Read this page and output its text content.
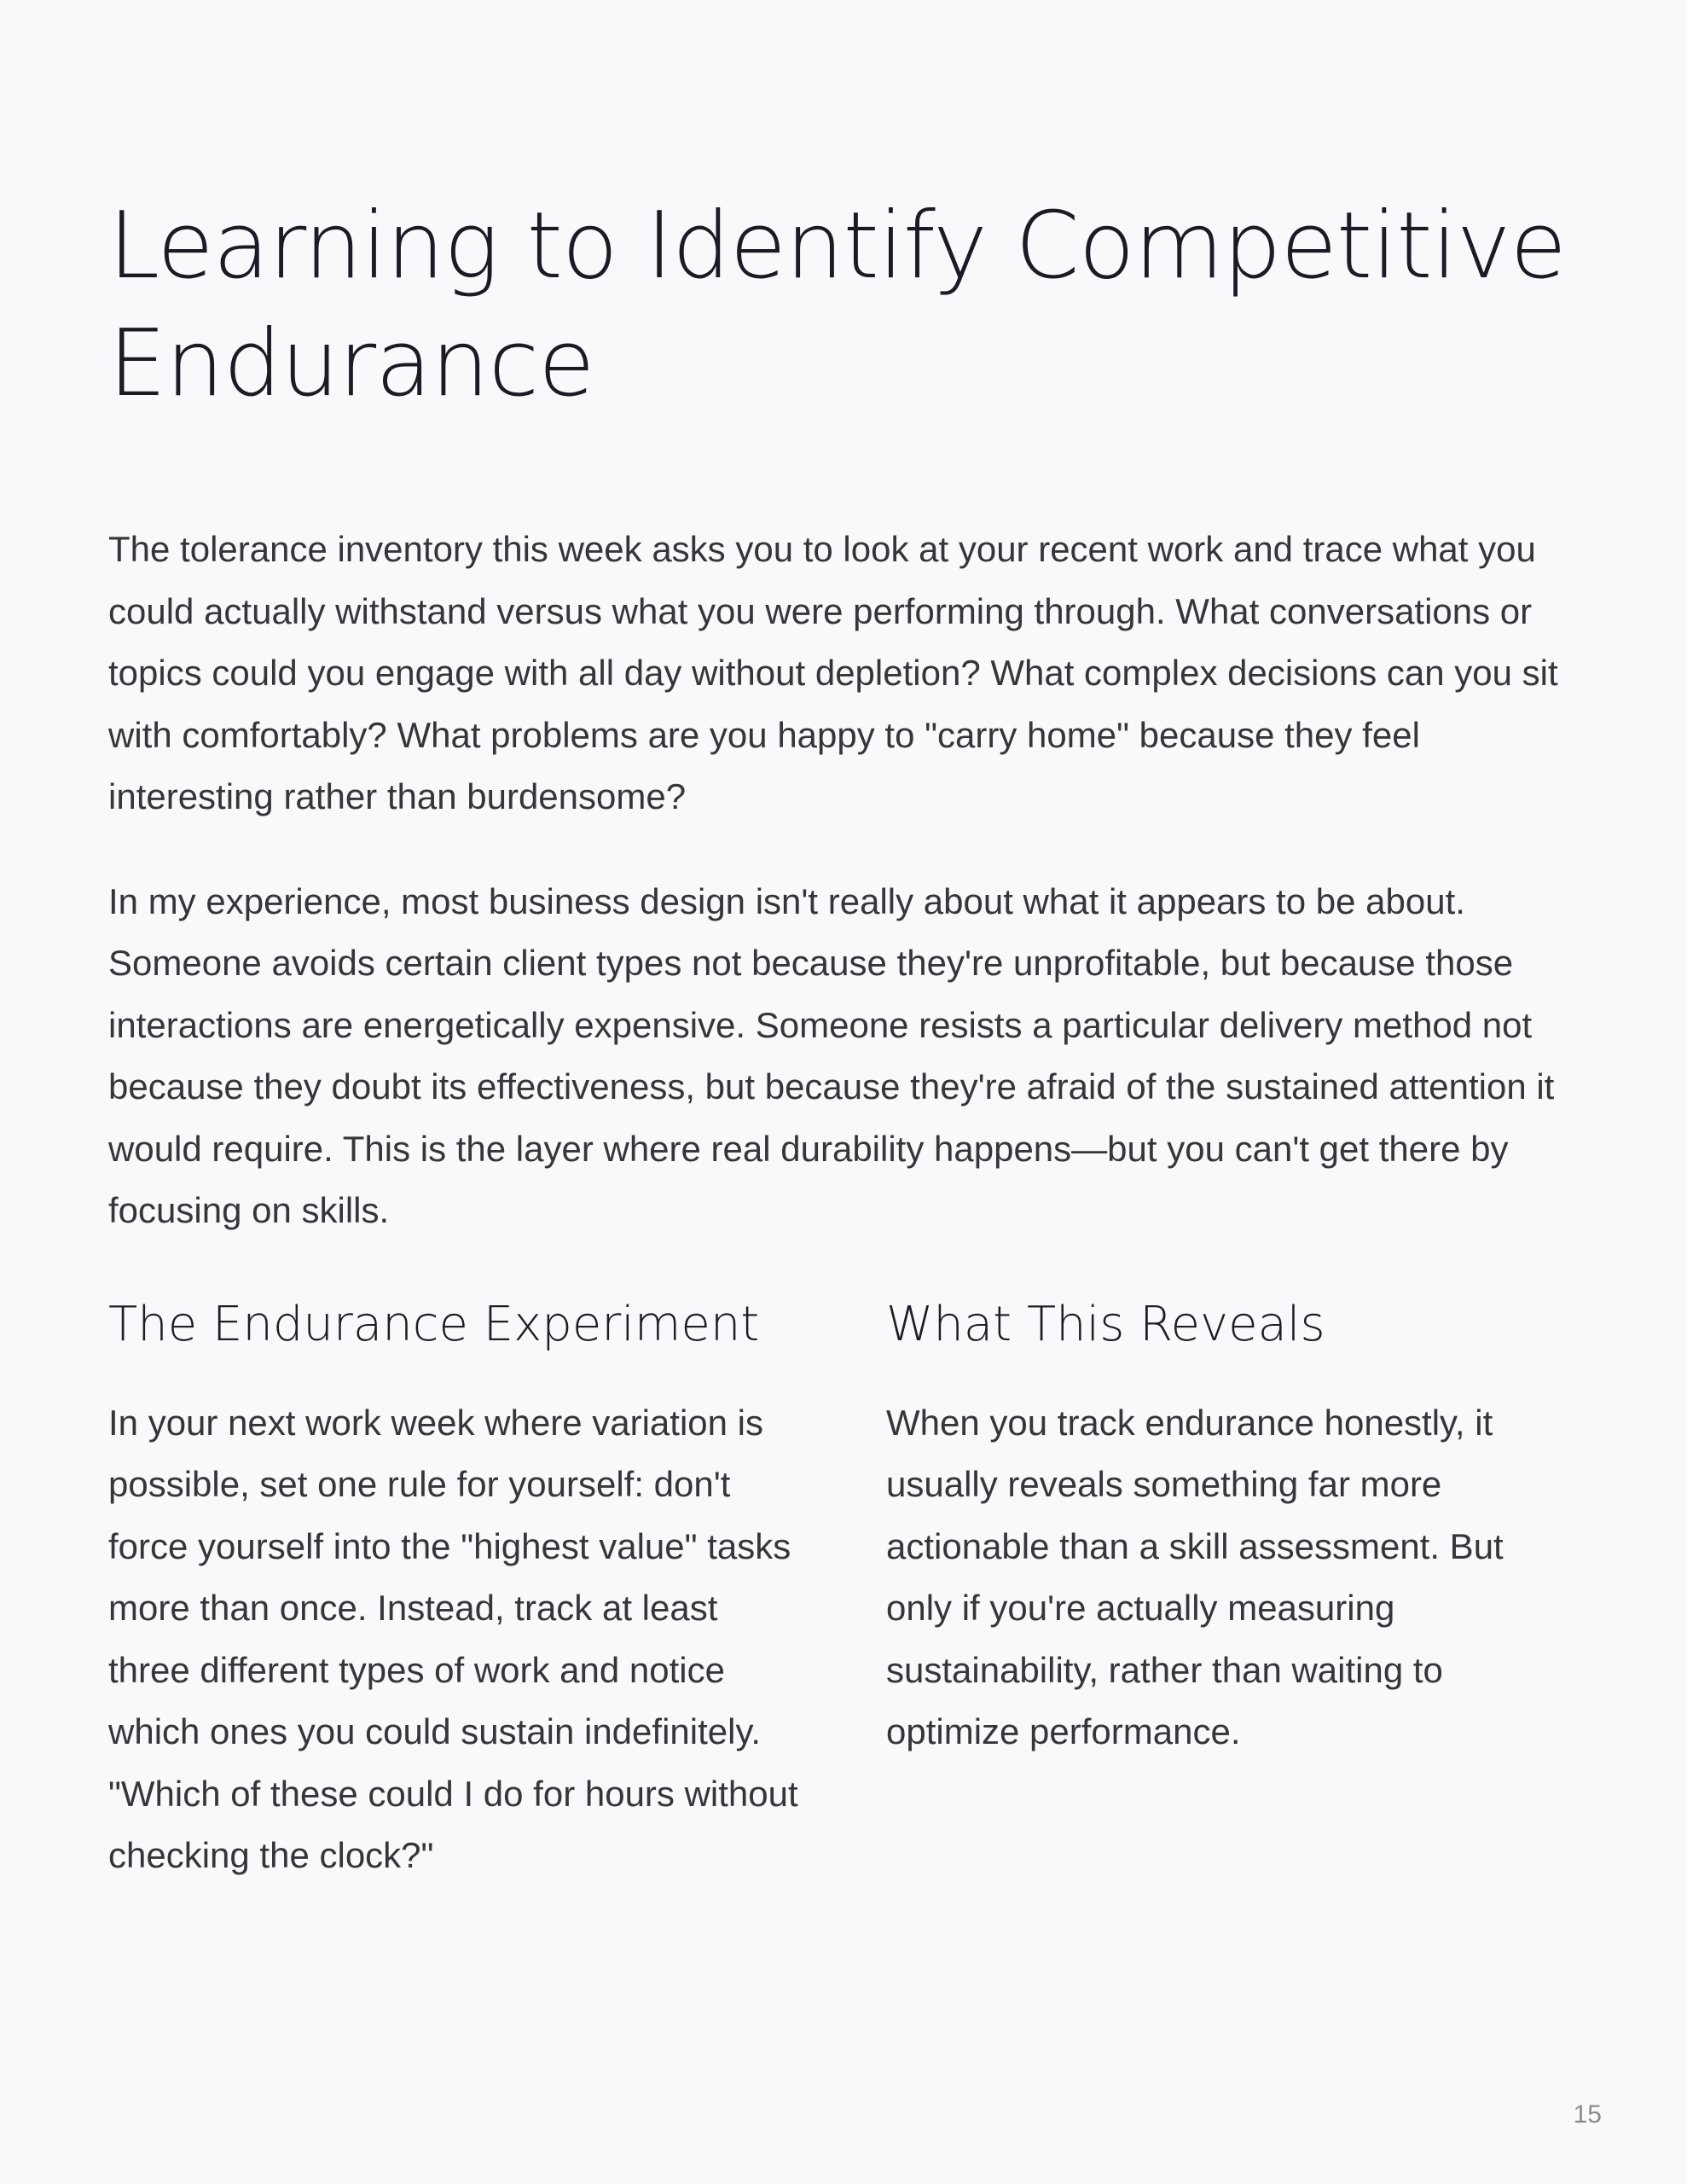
Learning to Identify Competitive Endurance

The tolerance inventory this week asks you to look at your recent work and trace what you could actually withstand versus what you were performing through. What conversations or topics could you engage with all day without depletion? What complex decisions can you sit with comfortably? What problems are you happy to "carry home" because they feel interesting rather than burdensome?

In my experience, most business design isn't really about what it appears to be about. Someone avoids certain client types not because they're unprofitable, but because those interactions are energetically expensive. Someone resists a particular delivery method not because they doubt its effectiveness, but because they're afraid of the sustained attention it would require. This is the layer where real durability happens—but you can't get there by focusing on skills.

The Endurance Experiment

In your next work week where variation is possible, set one rule for yourself: don't force yourself into the "highest value" tasks more than once. Instead, track at least three different types of work and notice which ones you could sustain indefinitely. "Which of these could I do for hours without checking the clock?"

What This Reveals

When you track endurance honestly, it usually reveals something far more actionable than a skill assessment. But only if you're actually measuring sustainability, rather than waiting to optimize performance.

15
